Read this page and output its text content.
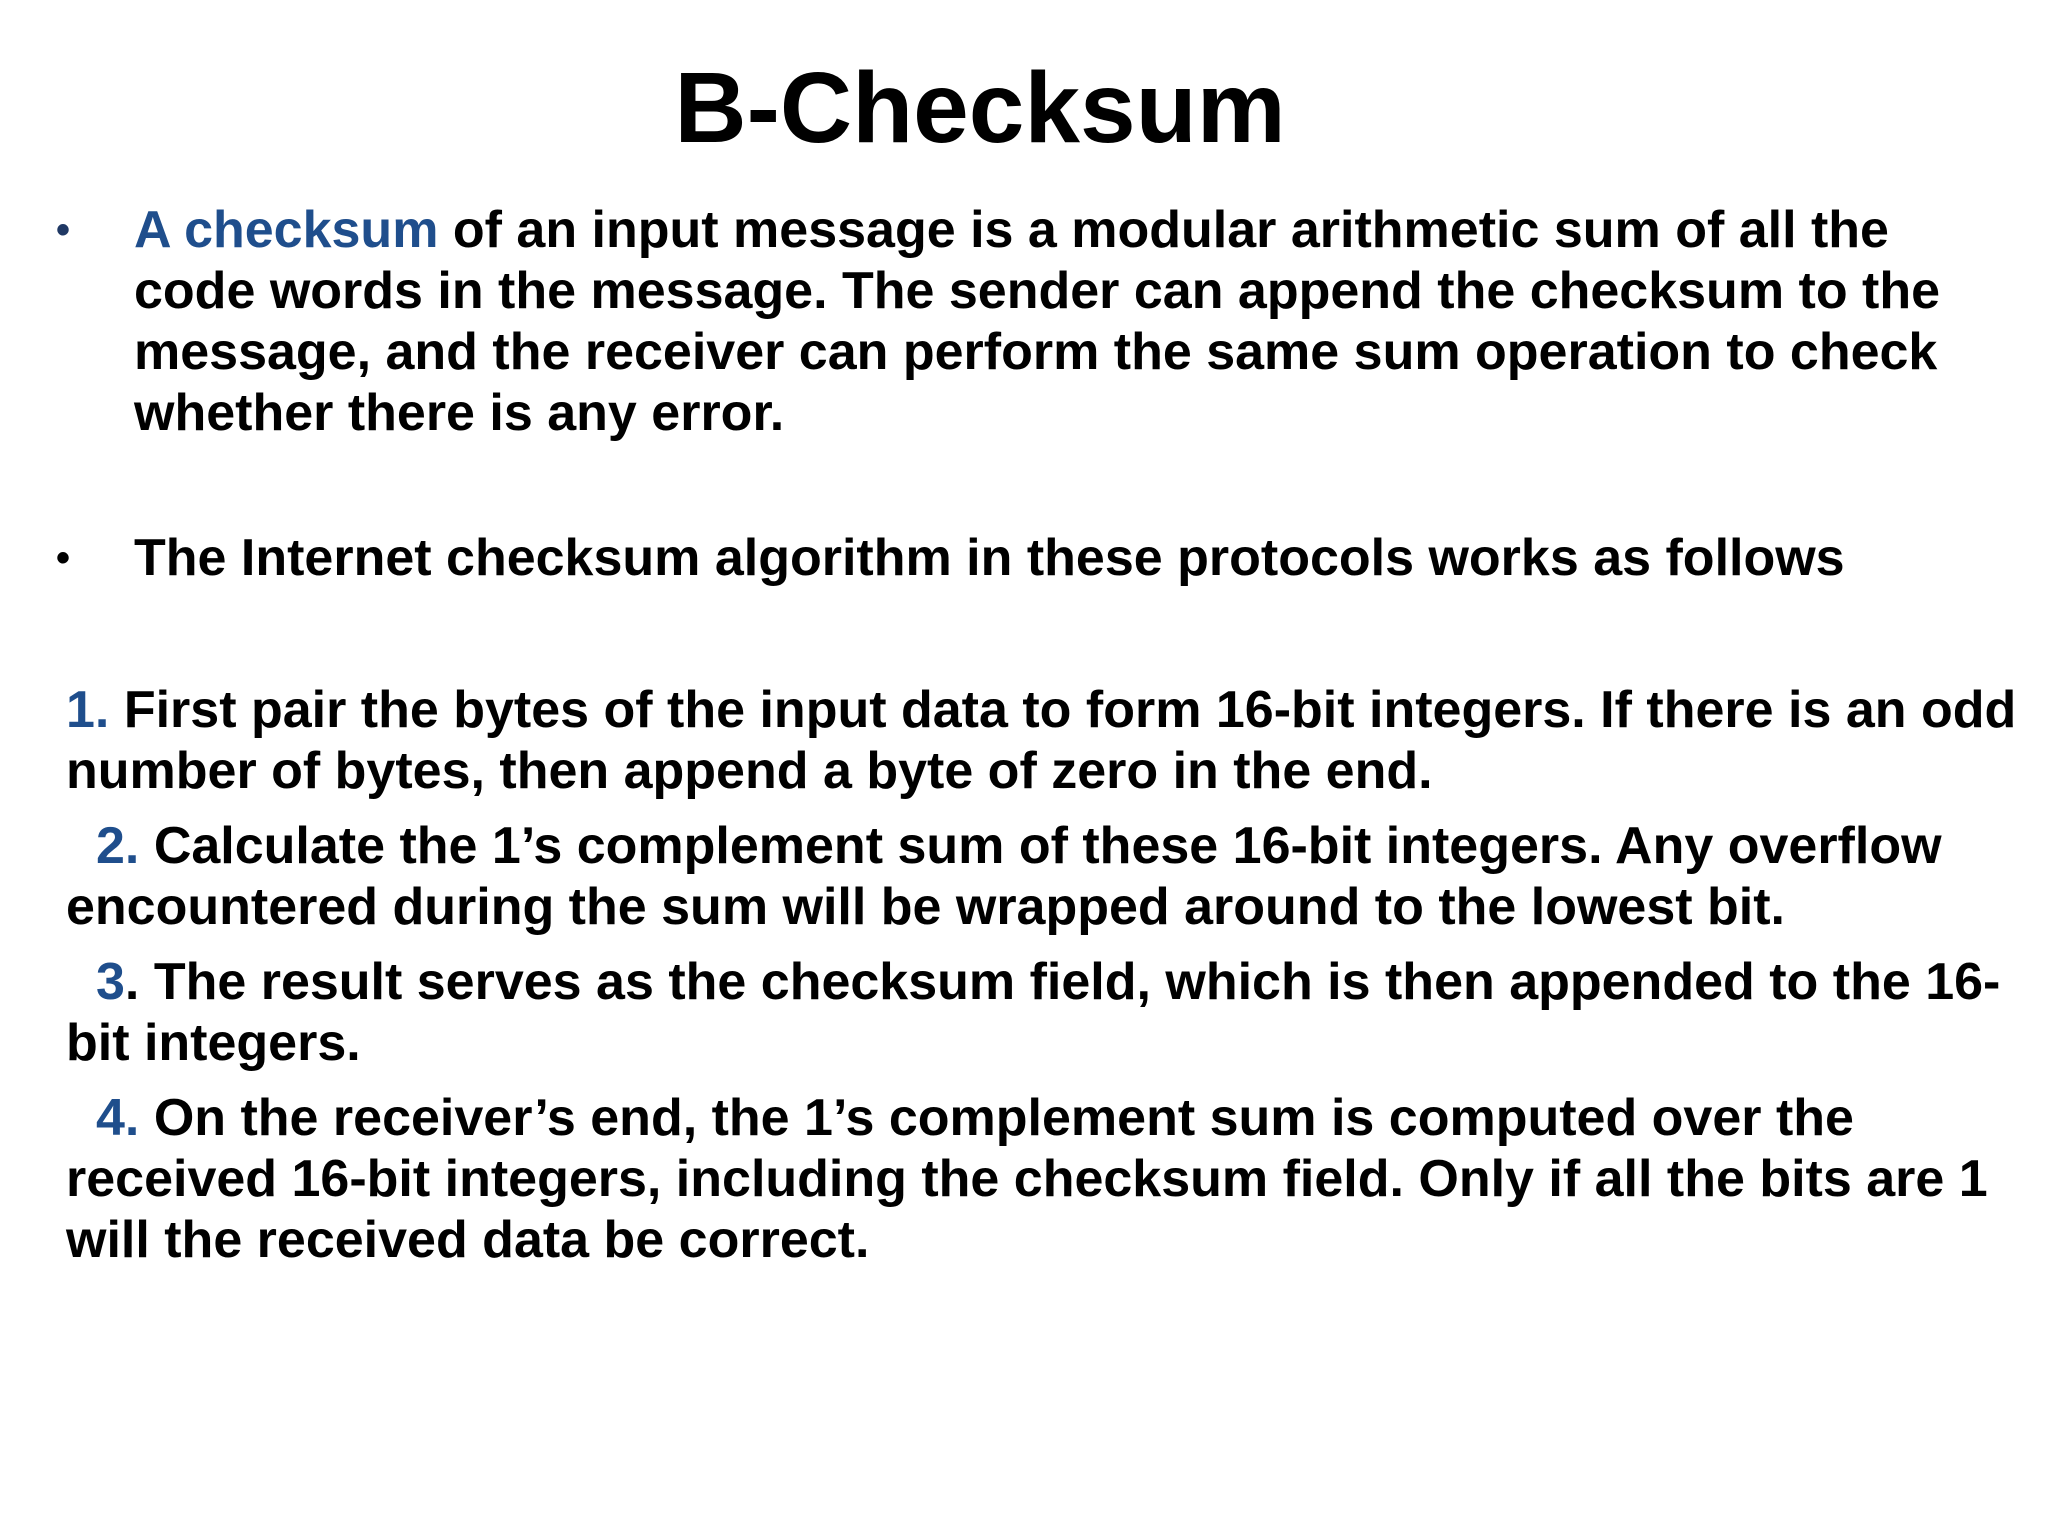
B-Checksum
•	A checksum of an input message is a modular arithmetic sum of all the code words in the message. The sender can append the checksum to the message, and the receiver can perform the same sum operation to check whether there is any error.
•	The Internet checksum algorithm in these protocols works as follows
1. First pair the bytes of the input data to form 16-bit integers. If there is an odd number of bytes, then append a byte of zero in the end.
2. Calculate the 1’s complement sum of these 16-bit integers. Any overflow encountered during the sum will be wrapped around to the lowest bit.
3. The result serves as the checksum field, which is then appended to the 16-bit integers.
4. On the receiver’s end, the 1’s complement sum is computed over the received 16-bit integers, including the checksum field. Only if all the bits are 1 will the received data be correct.
